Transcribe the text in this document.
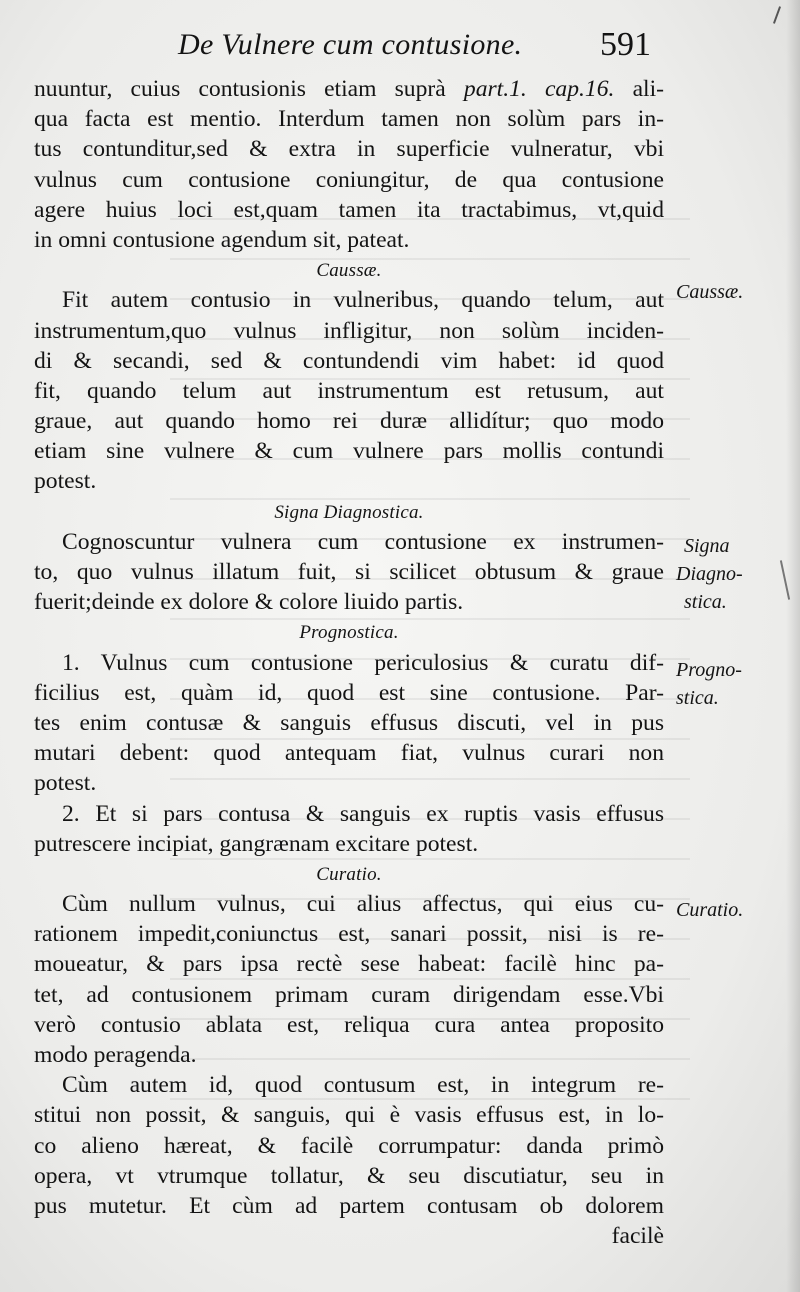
De Vulnere cum contusione. 591
nuuntur, cuius contusionis etiam suprà part.1. cap.16. ali-
qua facta est mentio. Interdum tamen non solùm pars in-
tus contunditur,sed & extra in superficie vulneratur, vbi
vulnus cum contusione coniungitur, de qua contusione
agere huius loci est,quam tamen ita tractabimus, vt,quid
in omni contusione agendum sit, pateat.
Caussæ.
Fit autem contusio in vulneribus, quando telum, aut
instrumentum,quo vulnus infligitur, non solùm inciden-
di & secandi, sed & contundendi vim habet: id quod
fit, quando telum aut instrumentum est retusum, aut
graue, aut quando homo rei duræ allidítur; quo modo
etiam sine vulnere & cum vulnere pars mollis contundi
potest.
Signa Diagnostica.
Cognoscuntur vulnera cum contusione ex instrumen-
to, quo vulnus illatum fuit, si scilicet obtusum & graue
fuerit;deinde ex dolore & colore liuido partis.
Prognostica.
1. Vulnus cum contusione periculosius & curatu dif-
ficilius est, quàm id, quod est sine contusione. Par-
tes enim contusæ & sanguis effusus discuti, vel in pus
mutari debent: quod antequam fiat, vulnus curari non
potest.
2. Et si pars contusa & sanguis ex ruptis vasis effusus
putrescere incipiat, gangrænam excitare potest.
Curatio.
Cùm nullum vulnus, cui alius affectus, qui eius cu-
rationem impedit,coniunctus est, sanari possit, nisi is re-
moueatur, & pars ipsa rectè sese habeat: facilè hinc pa-
tet, ad contusionem primam curam dirigendam esse.Vbi
verò contusio ablata est, reliqua cura antea proposito
modo peragenda.
Cùm autem id, quod contusum est, in integrum re-
stitui non possit, & sanguis, qui è vasis effusus est, in lo-
co alieno hæreat, & facilè corrumpatur: danda primò
opera, vt vtrumque tollatur, & seu discutiatur, seu in
pus mutetur. Et cùm ad partem contusam ob dolorem
facilè
Caussæ.
Signa
Diagno-
stica.
Progno-
stica.
Curatio.
